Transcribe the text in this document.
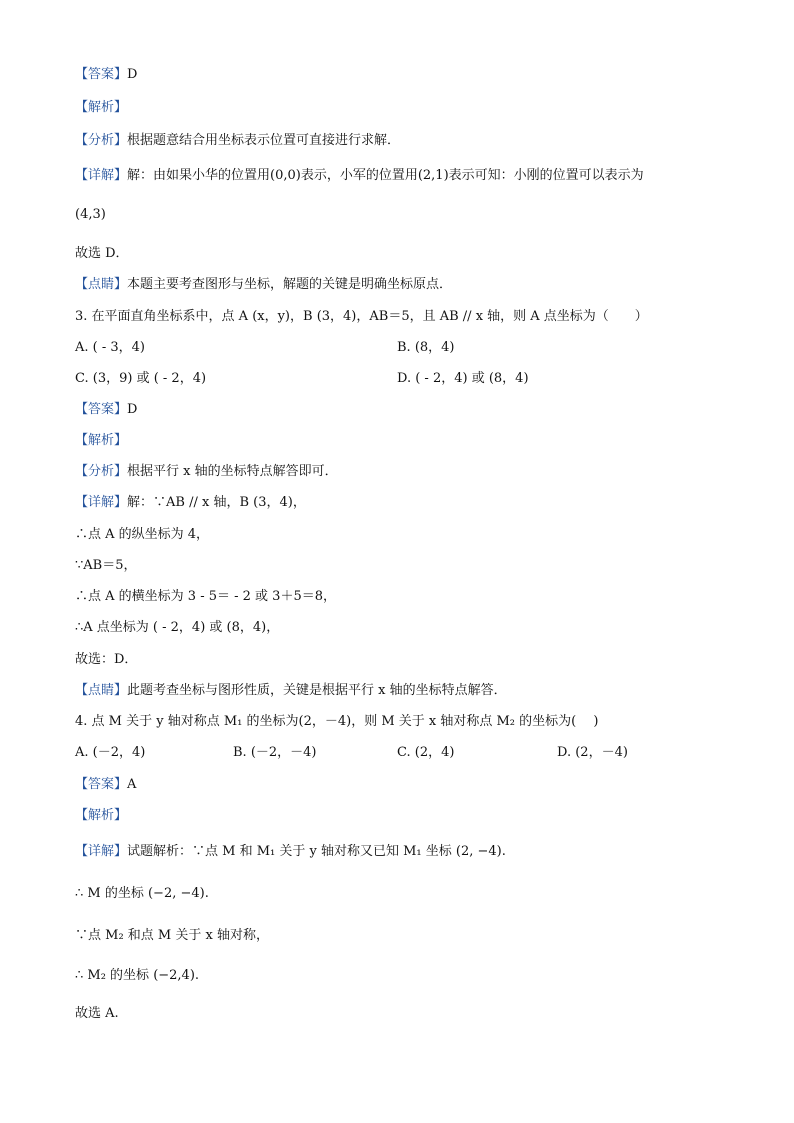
【答案】D
【解析】
【分析】根据题意结合用坐标表示位置可直接进行求解．
【详解】解：由如果小华的位置用(0,0)表示，小军的位置用(2,1)表示可知：小刚的位置可以表示为
(4,3)
故选 D．
【点睛】本题主要考查图形与坐标，解题的关键是明确坐标原点．
3. 在平面直角坐标系中，点 A (x，y)，B (3，4)，AB＝5，且 AB // x 轴，则 A 点坐标为（　　）
A. ( - 3，4)	B. (8，4)
C. (3，9) 或 ( - 2，4)	D. ( - 2，4) 或 (8，4)
【答案】D
【解析】
【分析】根据平行 x 轴的坐标特点解答即可．
【详解】解：∵AB // x 轴，B (3，4)，
∴点 A 的纵坐标为 4，
∵AB＝5，
∴点 A 的横坐标为 3 - 5＝ - 2 或 3＋5＝8，
∴A 点坐标为 ( - 2，4) 或 (8，4)，
故选：D．
【点睛】此题考查坐标与图形性质，关键是根据平行 x 轴的坐标特点解答．
4. 点 M 关于 y 轴对称点 M₁ 的坐标为(2，－4)，则 M 关于 x 轴对称点 M₂ 的坐标为(　 )
A. (－2，4)	B. (－2，－4)	C. (2，4)	D. (2，－4)
【答案】A
【解析】
【详解】试题解析：∵点 M 和 M₁ 关于 y 轴对称又已知 M₁ 坐标 (2, −4).
∴ M 的坐标 (−2, −4).
∵点 M₂ 和点 M 关于 x 轴对称，
∴ M₂ 的坐标 (−2,4).
故选 A.
